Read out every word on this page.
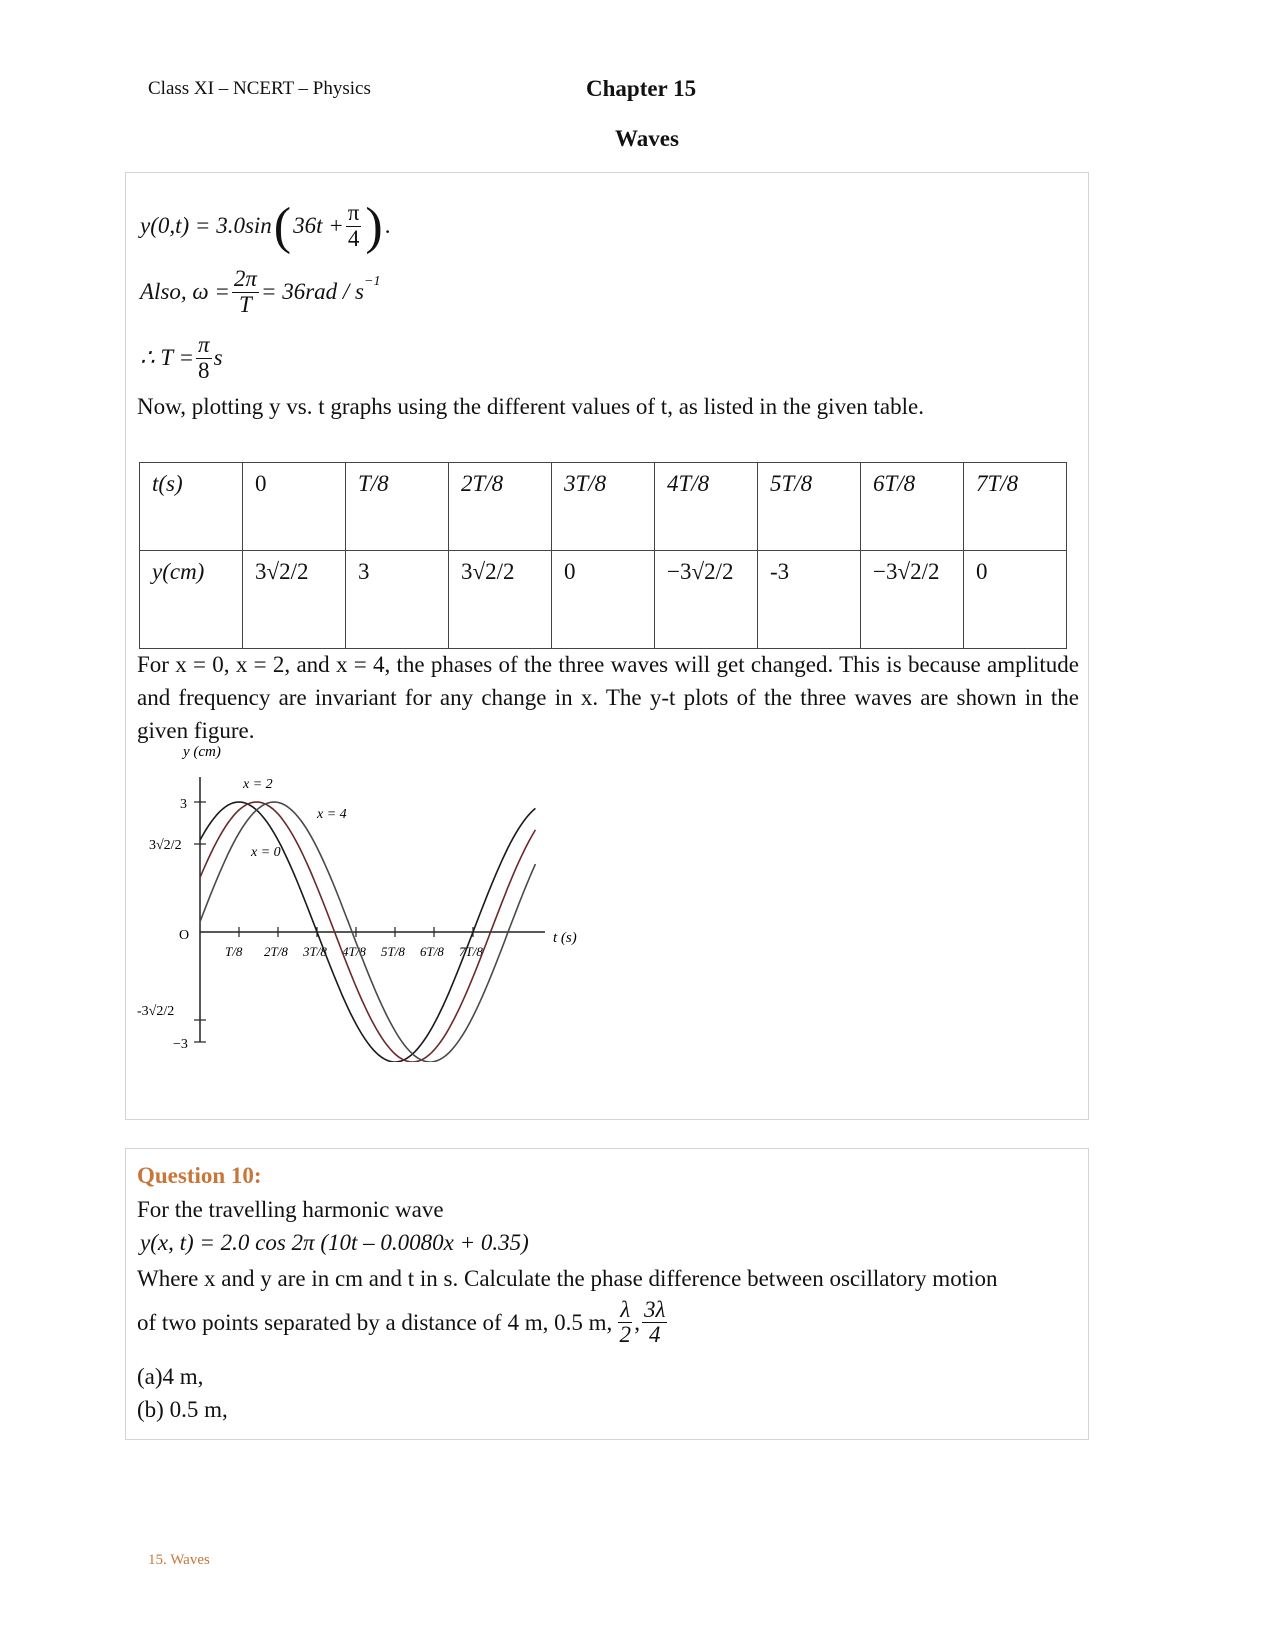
Class XI – NCERT – Physics	Chapter 15
Waves
y(0,t) = 3.0sin ( $36t + \frac{\pi}{4}$ ) .
Also, $\omega = \frac{2\pi}{T} = 36rad / s^{-1}$
∴ $T = \frac{\pi}{8}$ s
Now, plotting y vs. t graphs using the different values of t, as listed in the given table.
t(s)	0	T/8	2T/8	3T/8	4T/8	5T/8	6T/8	7T/8
y(cm)	3√2/2	3	3√2/2	0	−3√2/2	-3	−3√2/2	0
For x = 0, x = 2, and x = 4, the phases of the three waves will get changed. This is because amplitude and frequency are invariant for any change in x. The y-t plots of the three waves are shown in the given figure.
y (cm)
t (s)
3
3√2/2
O
-3√2/2
−3
T/8 2T/8 3T/8 4T/8 5T/8 6T/8 7T/8
x = 2
x = 4
x = 0
Question 10:
For the travelling harmonic wave
y(x, t) = 2.0 cos 2π (10t – 0.0080x + 0.35)
Where x and y are in cm and t in s. Calculate the phase difference between oscillatory motion
of two points separated by a distance of 4 m, 0.5 m, $\frac{\lambda}{2}$ , $\frac{3\lambda}{4}$
(a)4 m,
(b) 0.5 m,
15. Waves
